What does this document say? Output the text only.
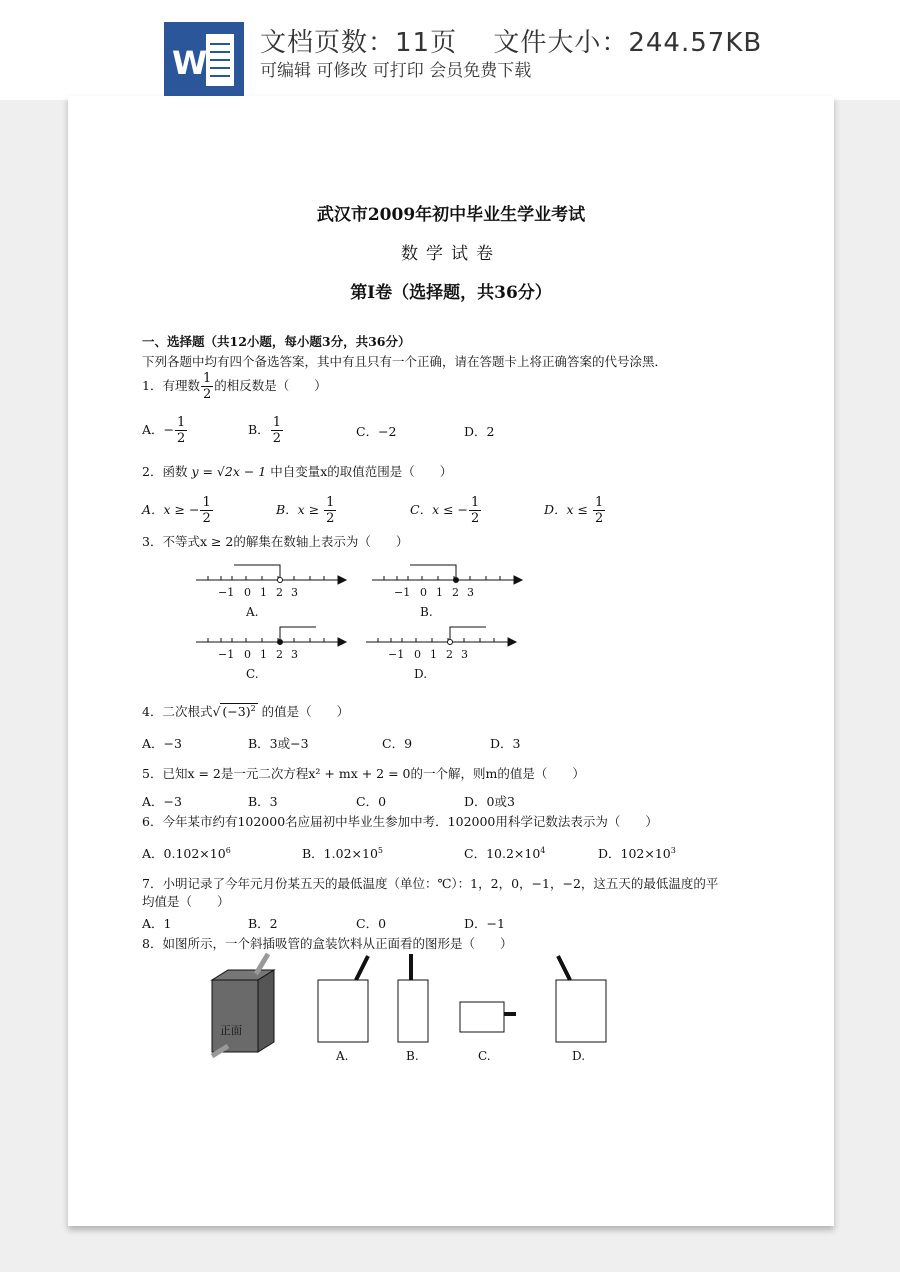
W
文档页数：11页　 文件大小：244.57KB
可编辑 可修改 可打印 会员免费下载
武汉市2009年初中毕业生学业考试
数学试卷
第Ⅰ卷（选择题，共36分）
一、选择题（共12小题，每小题3分，共36分）
下列各题中均有四个备选答案，其中有且只有一个正确，请在答题卡上将正确答案的代号涂黑．
1．有理数 $\frac{1}{2}$ 的相反数是（　　）
A．− $\frac{1}{2}$	B． $\frac{1}{2}$	C．−2	D．2
2．函数 y = √2x − 1 中自变量x的取值范围是（　　）
A．x ≥ − $\frac{1}{2}$	B．$x \ge \frac{1}{2}$	C．x ≤ − $\frac{1}{2}$	D．$x \le \frac{1}{2}$
3．不等式x ≥ 2的解集在数轴上表示为（　　）
−1 0 1 2 3	−1 0 1 2 3
−1 0 1 2 3	−1 0 1 2 3
A.	B.
C.	D.
4．二次根式√ $(-3)^2$ 的值是（　　）
A．−3	B．3或−3	C．9	D．3
5．已知x = 2是一元二次方程x² + mx + 2 = 0的一个解，则m的值是（　　）
A．−3	B．3	C．0	D．0或3
6．今年某市约有102000名应届初中毕业生参加中考．102000用科学记数法表示为（　　）
A．$0.102\times 10^6$	B．$1.02\times 10^5$	C．$10.2\times 10^4$	D．$102\times 10^3$
7．小明记录了今年元月份某五天的最低温度（单位：℃）：1，2，0，−1，−2，这五天的最低温度的平
均值是（　　）
A．1	B．2	C．0	D．−1
8．如图所示，一个斜插吸管的盒装饮料从正面看的图形是（　　）
正面
A.	B.	C.	D.
